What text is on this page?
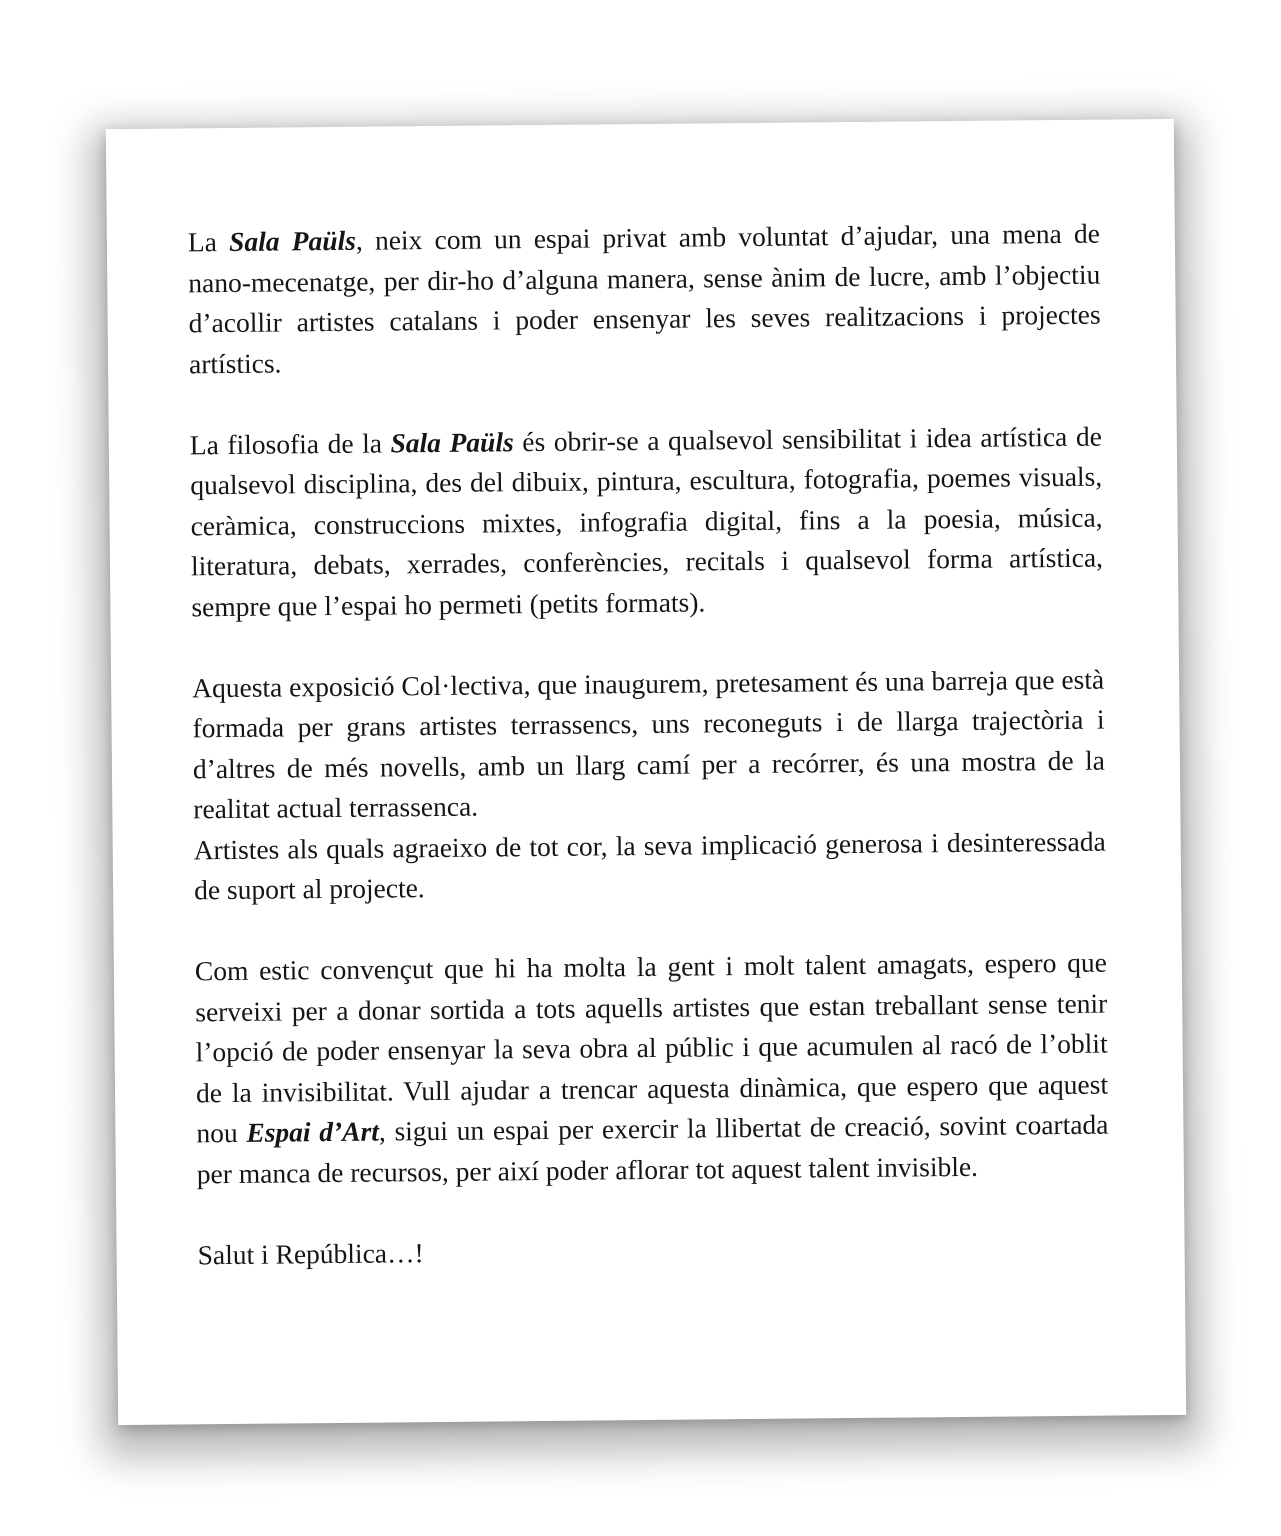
La Sala Paüls, neix com un espai privat amb voluntat d’ajudar, una mena de nano-mecenatge, per dir-ho d’alguna manera, sense ànim de lucre, amb l’objectiu d’acollir artistes catalans i poder ensenyar les seves realitzacions i projectes artístics.

La filosofia de la Sala Paüls és obrir-se a qualsevol sensibilitat i idea artística de qualsevol disciplina, des del dibuix, pintura, escultura, fotografia, poemes visuals, ceràmica, construccions mixtes, infografia digital, fins a la poesia, música, literatura, debats, xerrades, conferències, recitals i qualsevol forma artística, sempre que l’espai ho permeti (petits formats).

Aquesta exposició Col·lectiva, que inaugurem, pretesament és una barreja que està formada per grans artistes terrassencs, uns reconeguts i de llarga trajectòria i d’altres de més novells, amb un llarg camí per a recórrer, és una mostra de la realitat actual terrassenca.
Artistes als quals agraeixo de tot cor, la seva implicació generosa i desinteressada de suport al projecte.

Com estic convençut que hi ha molta la gent i molt talent amagats, espero que serveixi per a donar sortida a tots aquells artistes que estan treballant sense tenir l’opció de poder ensenyar la seva obra al públic i que acumulen al racó de l’oblit de la invisibilitat. Vull ajudar a trencar aquesta dinàmica, que espero que aquest nou Espai d’Art, sigui un espai per exercir la llibertat de creació, sovint coartada per manca de recursos, per així poder aflorar tot aquest talent invisible.

Salut i República…!
